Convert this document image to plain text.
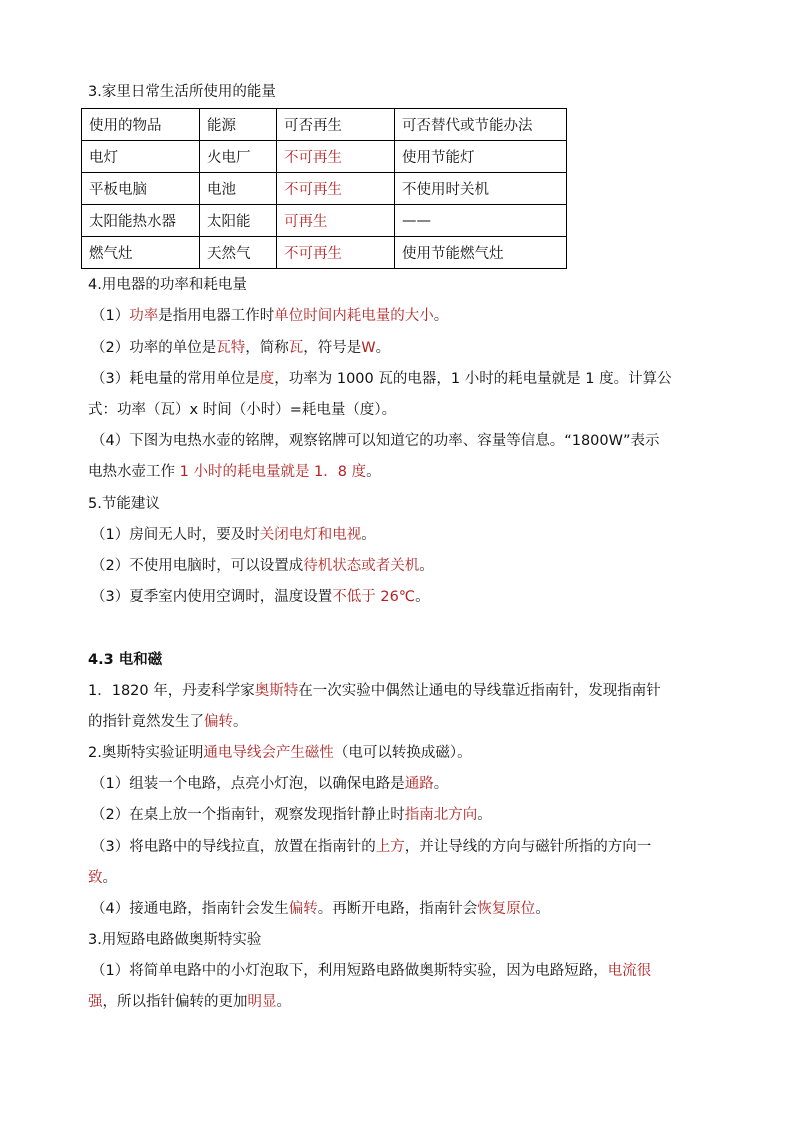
3.家里日常生活所使用的能量
使用的物品	能源	可否再生	可否替代或节能办法
电灯	火电厂	不可再生	使用节能灯
平板电脑	电池	不可再生	不使用时关机
太阳能热水器	太阳能	可再生	——
燃气灶	天然气	不可再生	使用节能燃气灶
4.用电器的功率和耗电量
（1）功率是指用电器工作时单位时间内耗电量的大小。
（2）功率的单位是瓦特，简称瓦，符号是W。
（3）耗电量的常用单位是度，功率为 1000 瓦的电器，1 小时的耗电量就是 1 度。计算公
式：功率（瓦）x 时间（小时）=耗电量（度）。
（4）下图为电热水壶的铭牌，观察铭牌可以知道它的功率、容量等信息。“1800W”表示
电热水壶工作 1 小时的耗电量就是 1．8 度。
5.节能建议
（1）房间无人时，要及时关闭电灯和电视。
（2）不使用电脑时，可以设置成待机状态或者关机。
（3）夏季室内使用空调时，温度设置不低于 26℃。
4.3 电和磁
1．1820 年，丹麦科学家奥斯特在一次实验中偶然让通电的导线靠近指南针，发现指南针
的指针竟然发生了偏转。
2.奥斯特实验证明通电导线会产生磁性（电可以转换成磁）。
（1）组装一个电路，点亮小灯泡，以确保电路是通路。
（2）在桌上放一个指南针，观察发现指针静止时指南北方向。
（3）将电路中的导线拉直，放置在指南针的上方，并让导线的方向与磁针所指的方向一
致。
（4）接通电路，指南针会发生偏转。再断开电路，指南针会恢复原位。
3.用短路电路做奥斯特实验
（1）将简单电路中的小灯泡取下，利用短路电路做奥斯特实验，因为电路短路，电流很
强，所以指针偏转的更加明显。
